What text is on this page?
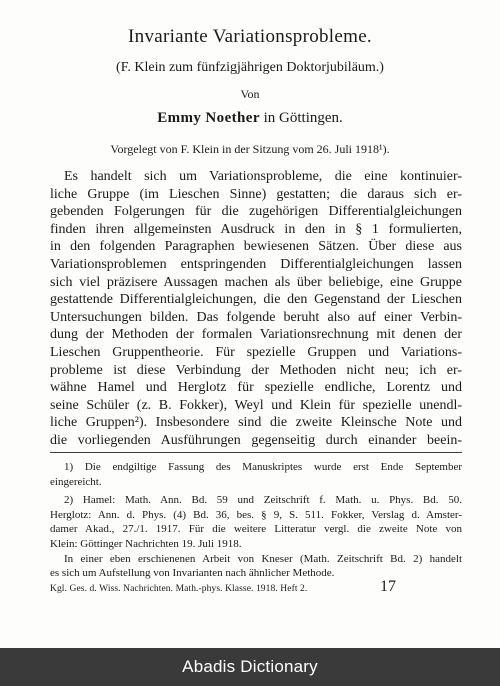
Invariante Variationsprobleme.
(F. Klein zum fünfzigjährigen Doktorjubiläum.)
Von
Emmy Noether in Göttingen.
Vorgelegt von F. Klein in der Sitzung vom 26. Juli 1918¹).
Es handelt sich um Variationsprobleme, die eine kontinuier-
liche Gruppe (im Lieschen Sinne) gestatten; die daraus sich er-
gebenden Folgerungen für die zugehörigen Differentialgleichungen
finden ihren allgemeinsten Ausdruck in den in § 1 formulierten,
in den folgenden Paragraphen bewiesenen Sätzen. Über diese aus
Variationsproblemen entspringenden Differentialgleichungen lassen
sich viel präzisere Aussagen machen als über beliebige, eine Gruppe
gestattende Differentialgleichungen, die den Gegenstand der Lieschen
Untersuchungen bilden. Das folgende beruht also auf einer Verbin-
dung der Methoden der formalen Variationsrechnung mit denen der
Lieschen Gruppentheorie. Für spezielle Gruppen und Variations-
probleme ist diese Verbindung der Methoden nicht neu; ich er-
wähne Hamel und Herglotz für spezielle endliche, Lorentz und
seine Schüler (z. B. Fokker), Weyl und Klein für spezielle unendl-
liche Gruppen²). Insbesondere sind die zweite Kleinsche Note und
die vorliegenden Ausführungen gegenseitig durch einander beein-
1) Die endgiltige Fassung des Manuskriptes wurde erst Ende September
eingereicht.
2) Hamel: Math. Ann. Bd. 59 und Zeitschrift f. Math. u. Phys. Bd. 50.
Herglotz: Ann. d. Phys. (4) Bd. 36, bes. § 9, S. 511. Fokker, Verslag d. Amster-
damer Akad., 27./1. 1917. Für die weitere Litteratur vergl. die zweite Note von
Klein: Göttinger Nachrichten 19. Juli 1918.
In einer eben erschienenen Arbeit von Kneser (Math. Zeitschrift Bd. 2) handelt
es sich um Aufstellung von Invarianten nach ähnlicher Methode.
Kgl. Ges. d. Wiss. Nachrichten. Math.-phys. Klasse. 1918. Heft 2.	17
Abadis Dictionary
